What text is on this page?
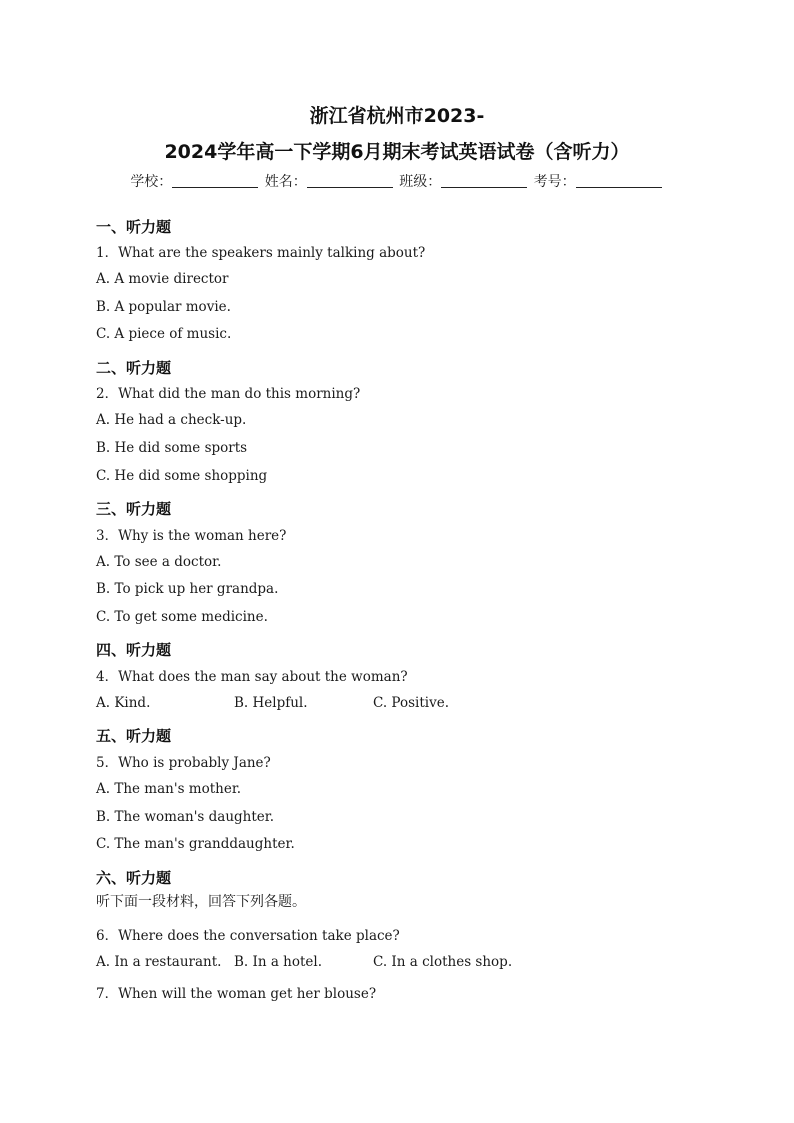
浙江省杭州市2023-
2024学年高一下学期6月期末考试英语试卷（含听力）
学校：	姓名：	班级：	考号：
一、听力题
1．What are the speakers mainly talking about?
A. A movie director
B. A popular movie.
C. A piece of music.
二、听力题
2．What did the man do this morning?
A. He had a check-up.
B. He did some sports
C. He did some shopping
三、听力题
3．Why is the woman here?
A. To see a doctor.
B. To pick up her grandpa.
C. To get some medicine.
四、听力题
4．What does the man say about the woman?
A. Kind.	B. Helpful.	C. Positive.
五、听力题
5．Who is probably Jane?
A. The man's mother.
B. The woman's daughter.
C. The man's granddaughter.
六、听力题
听下面一段材料，回答下列各题。
6．Where does the conversation take place?
A. In a restaurant. B. In a hotel.	C. In a clothes shop.
7．When will the woman get her blouse?
